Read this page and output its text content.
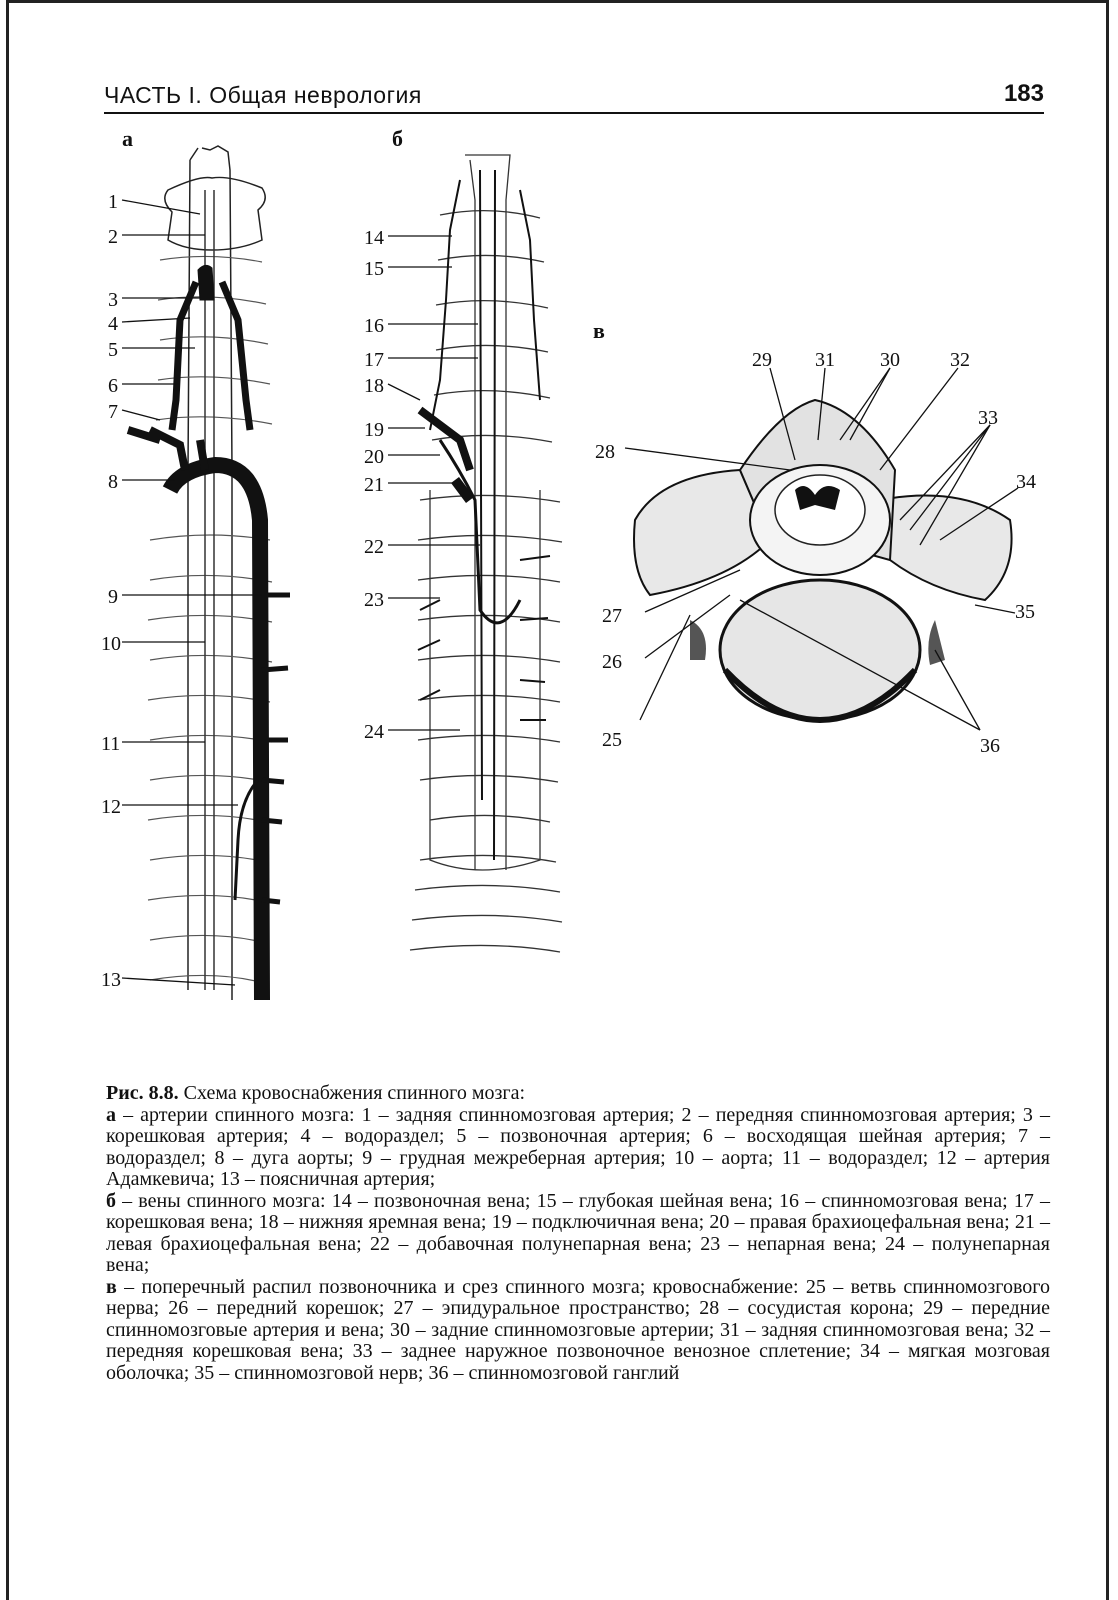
ЧАСТЬ I. Общая неврология	183
а
1
2
3
4
5
6
7
8
9
10
11
12
13
б
14
15
16
17
18
19
20
21
22
23
24
в
29 31 30	32
33
28
34
35
27
26
25	36

Рис. 8.8. Схема кровоснабжения спинного мозга:

а – артерии спинного мозга: 1 – задняя спинномозговая артерия; 2 – передняя спинномозговая артерия; 3 – корешковая артерия; 4 – водораздел; 5 – позвоночная артерия; 6 – восходящая шейная артерия; 7 – водораздел; 8 – дуга аорты; 9 – грудная межреберная артерия; 10 – аорта; 11 – водораздел; 12 – артерия Адамкевича; 13 – поясничная артерия;

б – вены спинного мозга: 14 – позвоночная вена; 15 – глубокая шейная вена; 16 – спинномозговая вена; 17 – корешковая вена; 18 – нижняя яремная вена; 19 – подключичная вена; 20 – правая брахиоцефальная вена; 21 – левая брахиоцефальная вена; 22 – добавочная полунепарная вена; 23 – непарная вена; 24 – полунепарная вена;

в – поперечный распил позвоночника и срез спинного мозга; кровоснабжение: 25 – ветвь спинномозгового нерва; 26 – передний корешок; 27 – эпидуральное пространство; 28 – сосудистая корона; 29 – передние спинномозговые артерия и вена; 30 – задние спинномозговые артерии; 31 – задняя спинномозговая вена; 32 – передняя корешковая вена; 33 – заднее наружное позвоночное венозное сплетение; 34 – мягкая мозговая оболочка; 35 – спинномозговой нерв; 36 – спинномозговой ганглий
